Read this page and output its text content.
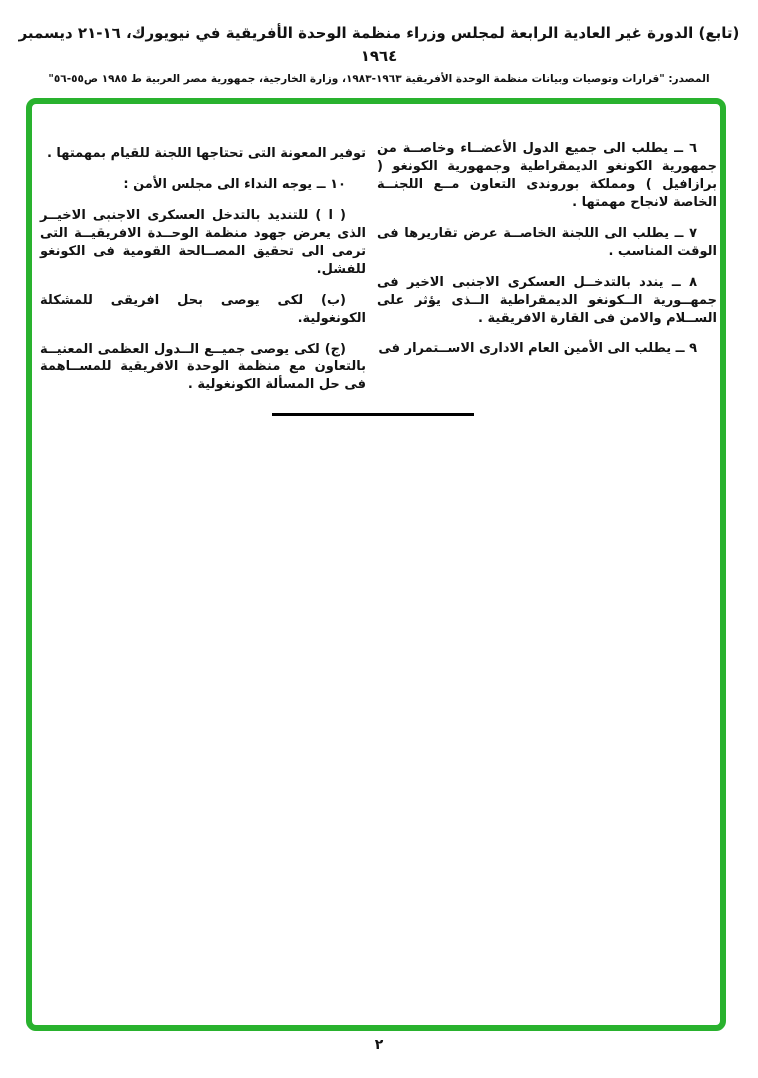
(تابع) الدورة غير العادية الرابعة لمجلس وزراء منظمة الوحدة الأفريقية في نيويورك، ١٦-٢١ ديسمبر ١٩٦٤
المصدر: "قرارات وتوصيات وبيانات منظمة الوحدة الأفريقية ١٩٦٣-١٩٨٣، وزارة الخارجية، جمهورية مصر العربية ط ١٩٨٥ ص٥٥-٥٦"

٦ ــ يطلب الى جميع الدول الأعضــاء وخاصــة من جمهورية الكونغو الديمقراطية وجمهورية الكونغو ( برازافيل ) ومملكة بوروندى التعاون مــع اللجنــة الخاصة لانجاح مهمتها .

٧ ــ يطلب الى اللجنة الخاصــة عرض تقاريرها فى الوقت المناسب .

٨ ــ يندد بالتدخــل العسكرى الاجنبى الاخير فى جمهــورية الــكونغو الديمقراطية الــذى يؤثر على الســلام والامن فى القارة الافريقية .

٩ ــ يطلب الى الأمين العام الادارى الاســتمرار فى

توفير المعونة التى تحتاجها اللجنة للقيام بمهمتها .

١٠ ــ يوجه النداء الى مجلس الأمن :

( ا ) للتنديد بالتدخل العسكرى الاجنبى الاخيــر الذى يعرض جهود منظمة الوحــدة الافريقيــة التى ترمى الى تحقيق المصــالحة القومية فى الكونغو للفشل.

(ب) لكى يوصى بحل افريقى للمشكلة الكونغولية.

(ج) لكى يوصى جميــع الــدول العظمى المعنيــة بالتعاون مع منظمة الوحدة الافريقية للمســاهمة فى حل المسألة الكونغولية .

٢
